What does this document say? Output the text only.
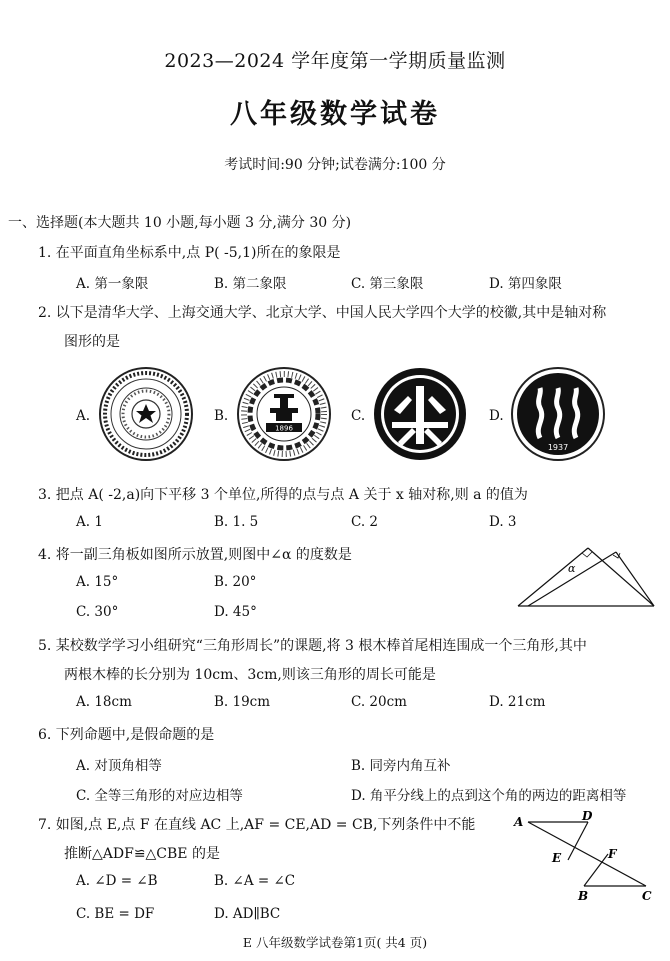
2023—2024 学年度第一学期质量监测
八年级数学试卷
考试时间:90 分钟;试卷满分:100 分
一、选择题(本大题共 10 小题,每小题 3 分,满分 30 分)
1. 在平面直角坐标系中,点 P( -5,1)所在的象限是
A. 第一象限	B. 第二象限	C. 第三象限	D. 第四象限
2. 以下是清华大学、上海交通大学、北京大学、中国人民大学四个大学的校徽,其中是轴对称
图形的是
A.	B.
1896
C.	D.
1937
3. 把点 A( -2,a)向下平移 3 个单位,所得的点与点 A 关于 x 轴对称,则 a 的值为
A. 1	B. 1. 5	C. 2	D. 3
4. 将一副三角板如图所示放置,则图中∠α 的度数是
A. 15°	B. 20°
C. 30°	D. 45°
α
5. 某校数学学习小组研究“三角形周长”的课题,将 3 根木棒首尾相连围成一个三角形,其中
两根木棒的长分别为 10cm、3cm,则该三角形的周长可能是
A. 18cm	B. 19cm	C. 20cm	D. 21cm
6. 下列命题中,是假命题的是
A. 对顶角相等	B. 同旁内角互补
C. 全等三角形的对应边相等	D. 角平分线上的点到这个角的两边的距离相等
7. 如图,点 E,点 F 在直线 AC 上,AF = CE,AD = CB,下列条件中不能
推断△ADF≌△CBE 的是
A. ∠D = ∠B	B. ∠A = ∠C
C. BE = DF	D. AD∥BC
A	D
E	F
B	C
E 八年级数学试卷第1页( 共4 页)
